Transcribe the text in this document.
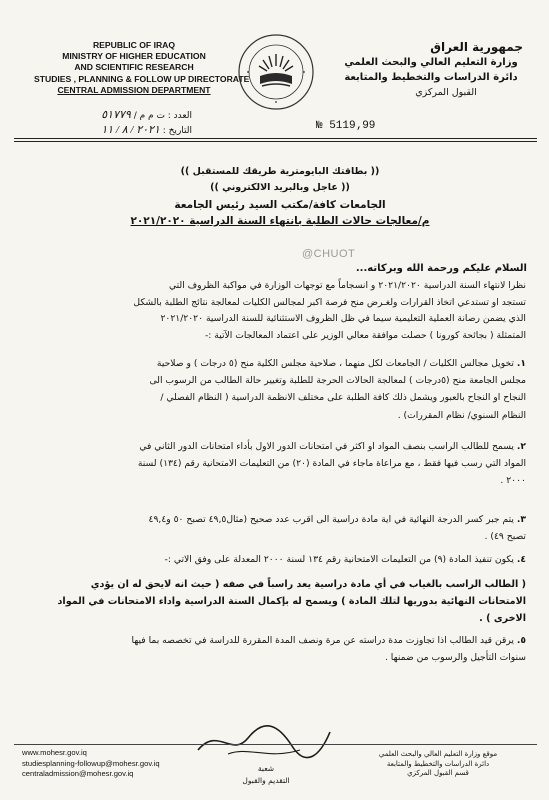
REPUBLIC OF IRAQ
MINISTRY OF HIGHER EDUCATION
AND SCIENTIFIC RESEARCH
STUDIES , PLANNING & FOLLOW UP DIRECTORATE
CENTRAL ADMISSION DEPARTMENT
جمهورية العراق
وزارة التعليم العالي والبحث العلمي
دائرة الدراسات والتخطيط والمتابعة
القبول المركزي
العدد : ت م م / ٥١٧٧٩
التاريخ : ٢٠٢١ / ٨ / ١١	№ 5119‚99
(( بطاقتك البايومترية طريقك للمستقبل ))
(( عاجل وبالبريد الالكتروني ))
الجامعات كافة/مكتب السيد رئيس الجامعة
م/معالجات حالات الطلبة بانتهاء السنة الدراسية ٢٠٢١/٢٠٢٠
@CHUOT
السلام عليكم ورحمة الله وبركاته...
نظرا لانتهاء السنة الدراسية ٢٠٢١/٢٠٢٠ و انسجاماً مع توجهات الوزارة في مواكبة الظروف التي
تستجد او تستدعي اتخاذ القرارات ولغـرض منح فرصة اكبر لمجالس الكليات لمعالجة نتائج الطلبة بالشكل
الذي يضمن رصانة العملية التعليمية سيما في ظل الظروف الاستثنائية للسنة الدراسية ٢٠٢١/٢٠٢٠
المتمثلة ( بجائحة كورونا ) حصلت موافقة معالي الوزير على اعتماد المعالجات الآتية :-
١. تخويل مجالس الكليات / الجامعات لكل منهما ، صلاحية مجلس الكلية منح (٥ درجات ) و صلاحية
مجلس الجامعة منح (٥درجات ) لمعالجة الحالات الحرجة للطلبة وتغيير حالة الطالب من الرسوب الى
النجاح او النجاح بالعبور ويشمل ذلك كافة الطلبة على مختلف الانظمة الدراسية ( النظام الفصلي /
النظام السنوي/ نظام المقررات) .
٢. يسمح للطالب الراسب بنصف المواد او اكثر في امتحانات الدور الاول بأداء امتحانات الدور الثاني في
المواد التي رسب فيها فقط ، مع مراعاة ماجاء في المادة (٢٠) من التعليمات الامتحانية رقم (١٣٤) لسنة
٢٠٠٠ .
٣. يتم جبر كسر الدرجة النهائية في اية مادة دراسية الى اقرب عدد صحيح (مثال٤٩,٥ تصبح ٥٠ و٤٩,٤
تصبح ٤٩) .
٤. يكون تنفيذ المادة (٩) من التعليمات الامتحانية رقم ١٣٤ لسنة ٢٠٠٠ المعدلة على وفق الاتي :-
( الطالب الراسب بالغياب في أي مادة دراسية يعد راسباً في صفه ( حيث انه لايحق له ان يؤدي
الامتحانات النهائية بدوريها لتلك المادة ) ويسمح له بإكمال السنة الدراسية واداء الامتحانات في المواد
الاخرى ) .
٥. يرقن قيد الطالب اذا تجاوزت مدة دراسته عن مرة ونصف المدة المقررة للدراسة في تخصصه بما فيها
سنوات التأجيل والرسوب من ضمنها .
www.mohesr.gov.iq
studiesplanning-followup@mohesr.gov.iq
centraladmission@mohesr.gov.iq
شعبة
التقديم والقبول
موقع وزارة التعليم العالي والبحث العلمي
دائرة الدراسات والتخطيط والمتابعة
قسم القبول المركزي
